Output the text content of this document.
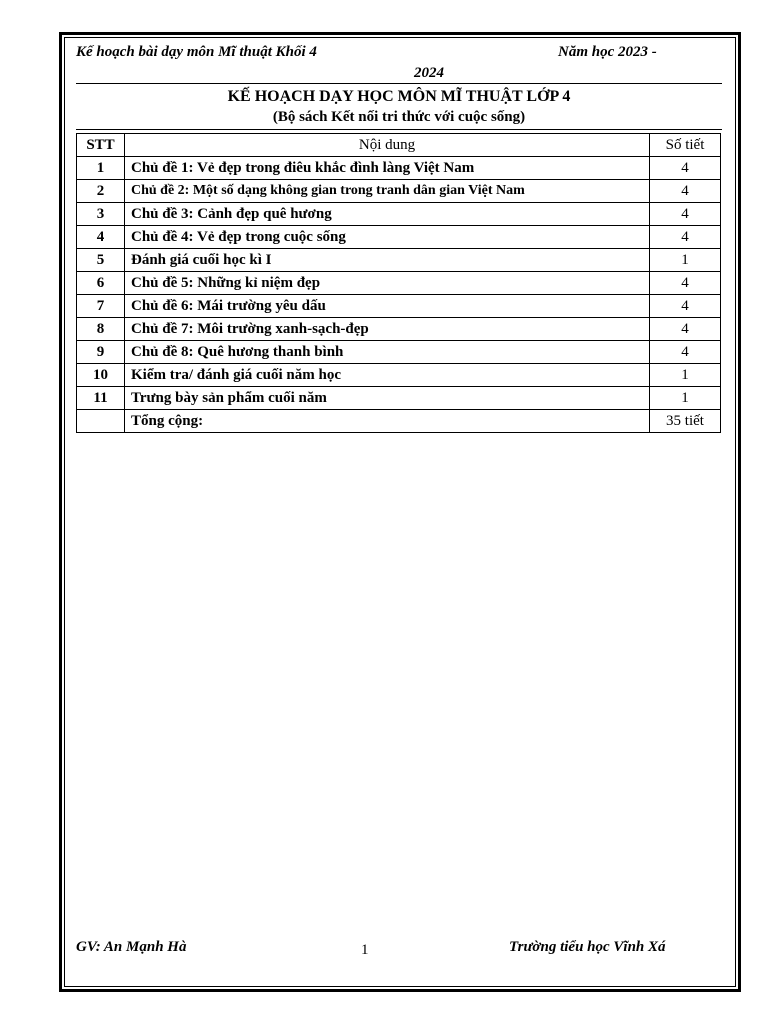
Kế hoạch bài dạy môn Mĩ thuật Khối 4	Năm học 2023 -
2024
KẾ HOẠCH DẠY HỌC MÔN MĨ THUẬT LỚP 4
(Bộ sách Kết nối tri thức với cuộc sống)
STT	Nội dung	Số tiết
1	Chủ đề 1: Vẻ đẹp trong điêu khắc đình làng Việt Nam	4
2	Chủ đề 2: Một số dạng không gian trong tranh dân gian Việt Nam	4
3	Chủ đề 3: Cảnh đẹp quê hương	4
4	Chủ đề 4: Vẻ đẹp trong cuộc sống	4
5	Đánh giá cuối học kì I	1
6	Chủ đề 5: Những kỉ niệm đẹp	4
7	Chủ đề 6: Mái trường yêu dấu	4
8	Chủ đề 7: Môi trường xanh-sạch-đẹp	4
9	Chủ đề 8: Quê hương thanh bình	4
10	Kiểm tra/ đánh giá cuối năm học	1
11	Trưng bày sản phẩm cuối năm	1
	Tổng cộng:	35 tiết
GV: An Mạnh Hà	1	Trường tiểu học Vĩnh Xá
